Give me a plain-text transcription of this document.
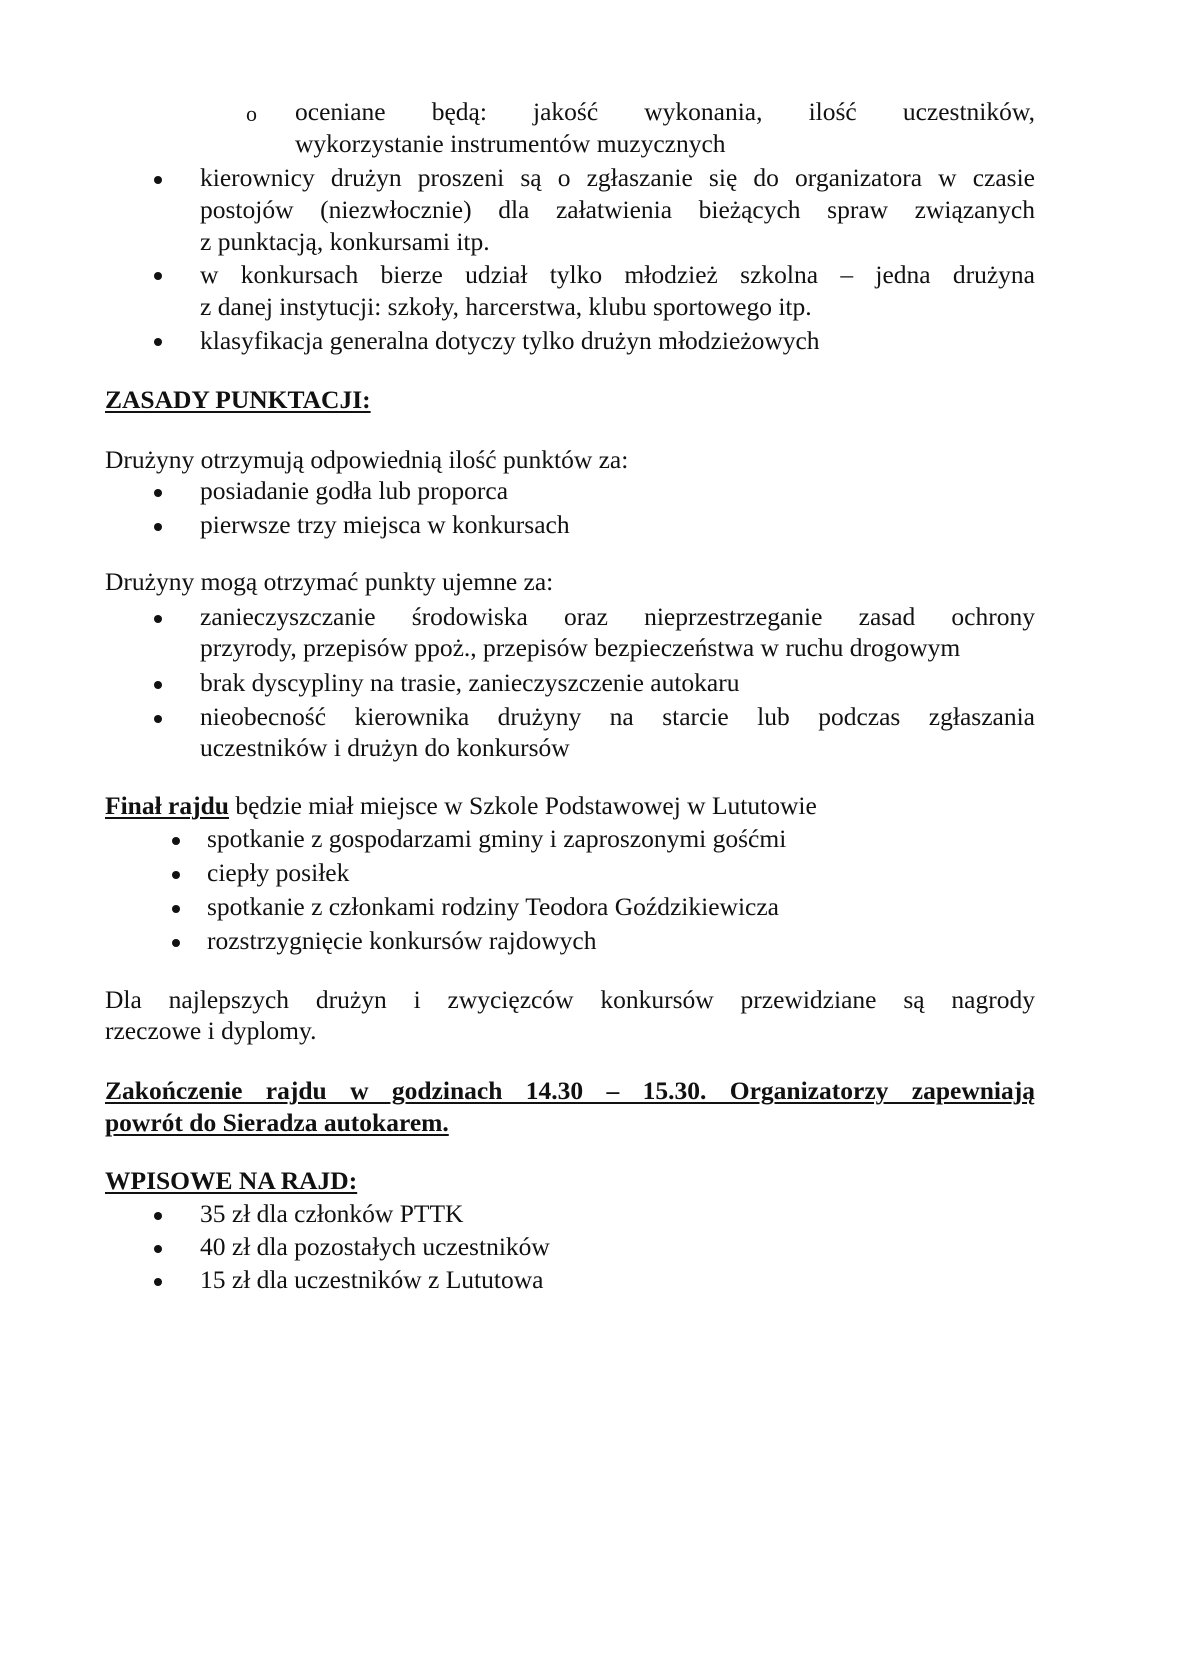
o oceniane będą: jakość wykonania, ilość uczestników,
wykorzystanie instrumentów muzycznych
kierownicy drużyn proszeni są o zgłaszanie się do organizatora w czasie
postojów (niezwłocznie) dla załatwienia bieżących spraw związanych
z punktacją, konkursami itp.
w konkursach bierze udział tylko młodzież szkolna – jedna drużyna
z danej instytucji: szkoły, harcerstwa, klubu sportowego itp.
klasyfikacja generalna dotyczy tylko drużyn młodzieżowych
ZASADY PUNKTACJI:
Drużyny otrzymują odpowiednią ilość punktów za:
posiadanie godła lub proporca
pierwsze trzy miejsca w konkursach
Drużyny mogą otrzymać punkty ujemne za:
zanieczyszczanie środowiska oraz nieprzestrzeganie zasad ochrony
przyrody, przepisów ppoż., przepisów bezpieczeństwa w ruchu drogowym
brak dyscypliny na trasie, zanieczyszczenie autokaru
nieobecność kierownika drużyny na starcie lub podczas zgłaszania
uczestników i drużyn do konkursów
Finał rajdu będzie miał miejsce w Szkole Podstawowej w Lututowie
spotkanie z gospodarzami gminy i zaproszonymi gośćmi
ciepły posiłek
spotkanie z członkami rodziny Teodora Goździkiewicza
rozstrzygnięcie konkursów rajdowych
Dla najlepszych drużyn i zwycięzców konkursów przewidziane są nagrody
rzeczowe i dyplomy.
Zakończenie rajdu w godzinach 14.30 – 15.30. Organizatorzy zapewniają
powrót do Sieradza autokarem.
WPISOWE NA RAJD:
35 zł dla członków PTTK
40 zł dla pozostałych uczestników
15 zł dla uczestników z Lututowa
